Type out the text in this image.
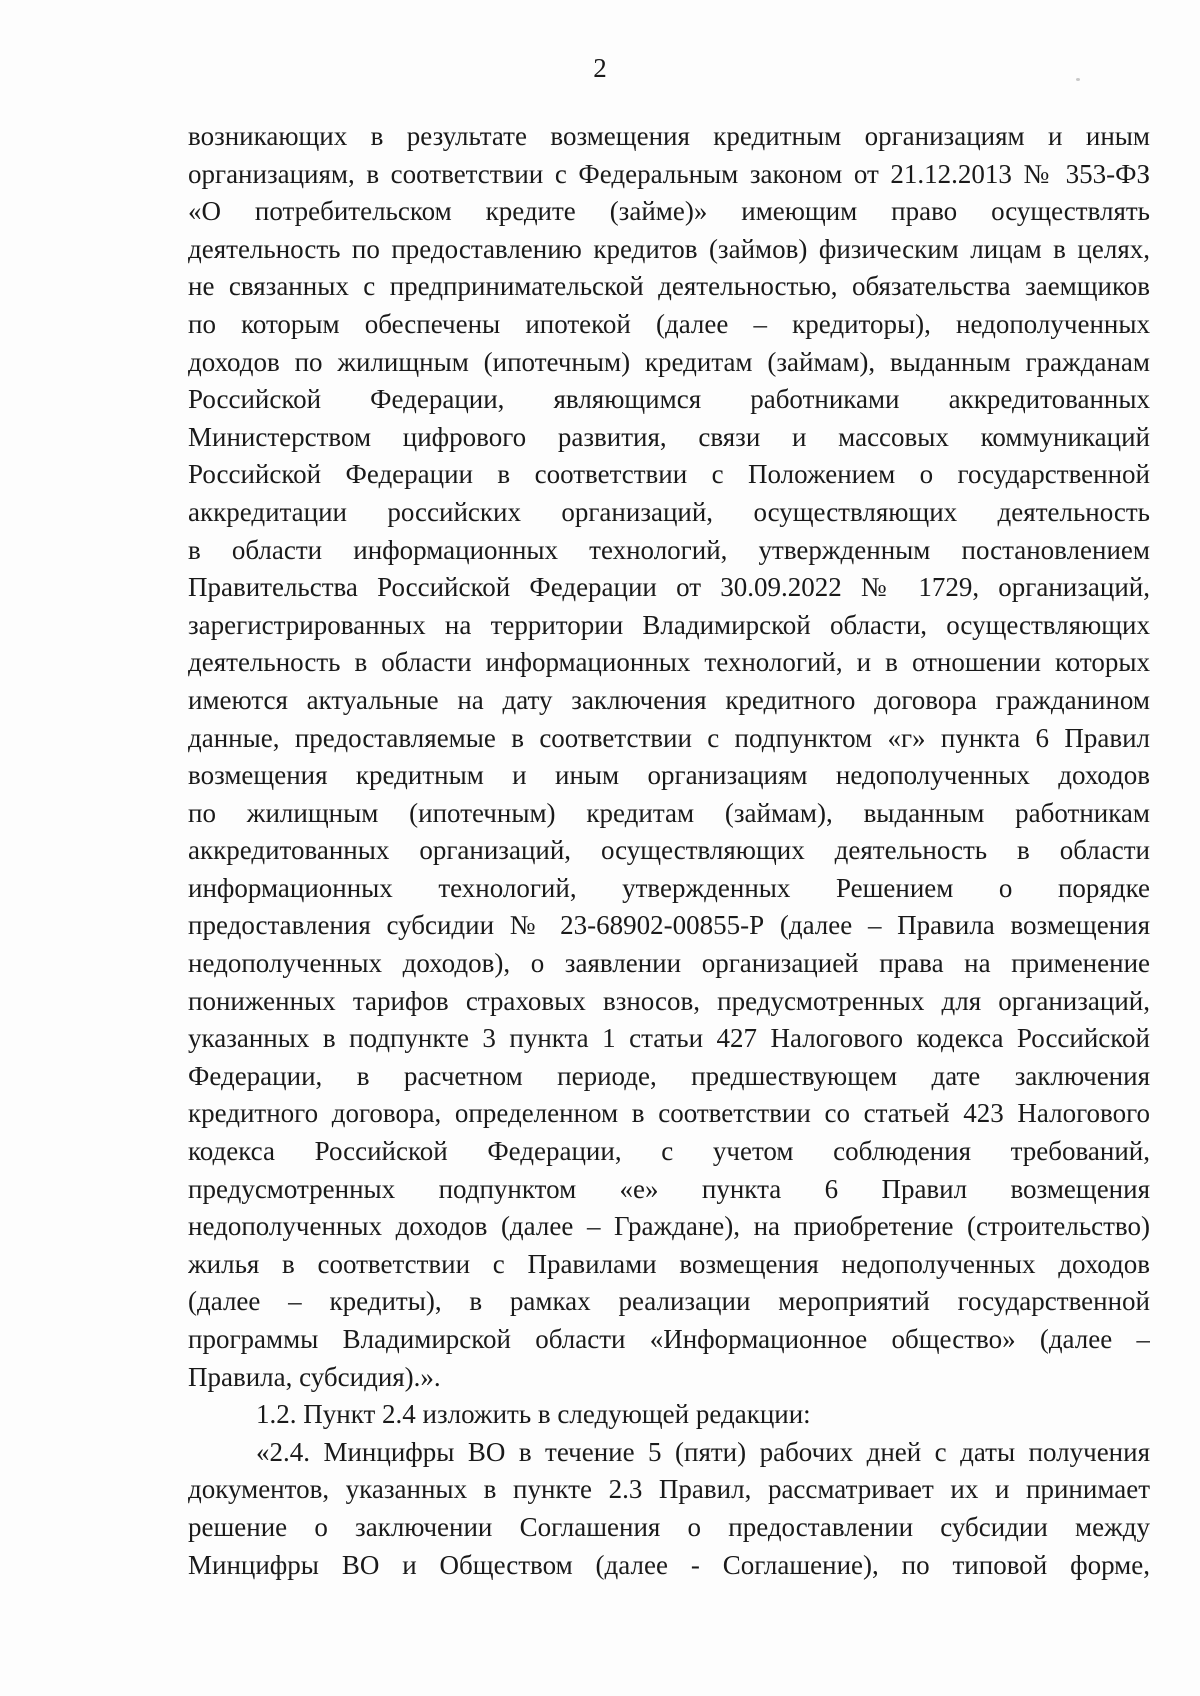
2
возникающих в результате возмещения кредитным организациям и иным
организациям, в соответствии с Федеральным законом от 21.12.2013 № 353-ФЗ
«О потребительском кредите (займе)» имеющим право осуществлять
деятельность по предоставлению кредитов (займов) физическим лицам в целях,
не связанных с предпринимательской деятельностью, обязательства заемщиков
по которым обеспечены ипотекой (далее – кредиторы), недополученных
доходов по жилищным (ипотечным) кредитам (займам), выданным гражданам
Российской Федерации, являющимся работниками аккредитованных
Министерством цифрового развития, связи и массовых коммуникаций
Российской Федерации в соответствии с Положением о государственной
аккредитации российских организаций, осуществляющих деятельность
в области информационных технологий, утвержденным постановлением
Правительства Российской Федерации от 30.09.2022 № 1729, организаций,
зарегистрированных на территории Владимирской области, осуществляющих
деятельность в области информационных технологий, и в отношении которых
имеются актуальные на дату заключения кредитного договора гражданином
данные, предоставляемые в соответствии с подпунктом «г» пункта 6 Правил
возмещения кредитным и иным организациям недополученных доходов
по жилищным (ипотечным) кредитам (займам), выданным работникам
аккредитованных организаций, осуществляющих деятельность в области
информационных технологий, утвержденных Решением о порядке
предоставления субсидии № 23-68902-00855-Р (далее – Правила возмещения
недополученных доходов), о заявлении организацией права на применение
пониженных тарифов страховых взносов, предусмотренных для организаций,
указанных в подпункте 3 пункта 1 статьи 427 Налогового кодекса Российской
Федерации, в расчетном периоде, предшествующем дате заключения
кредитного договора, определенном в соответствии со статьей 423 Налогового
кодекса Российской Федерации, с учетом соблюдения требований,
предусмотренных подпунктом «е» пункта 6 Правил возмещения
недополученных доходов (далее – Граждане), на приобретение (строительство)
жилья в соответствии с Правилами возмещения недополученных доходов
(далее – кредиты), в рамках реализации мероприятий государственной
программы Владимирской области «Информационное общество» (далее –
Правила, субсидия).».
1.2. Пункт 2.4 изложить в следующей редакции:
«2.4. Минцифры ВО в течение 5 (пяти) рабочих дней с даты получения
документов, указанных в пункте 2.3 Правил, рассматривает их и принимает
решение о заключении Соглашения о предоставлении субсидии между
Минцифры ВО и Обществом (далее - Соглашение), по типовой форме,
